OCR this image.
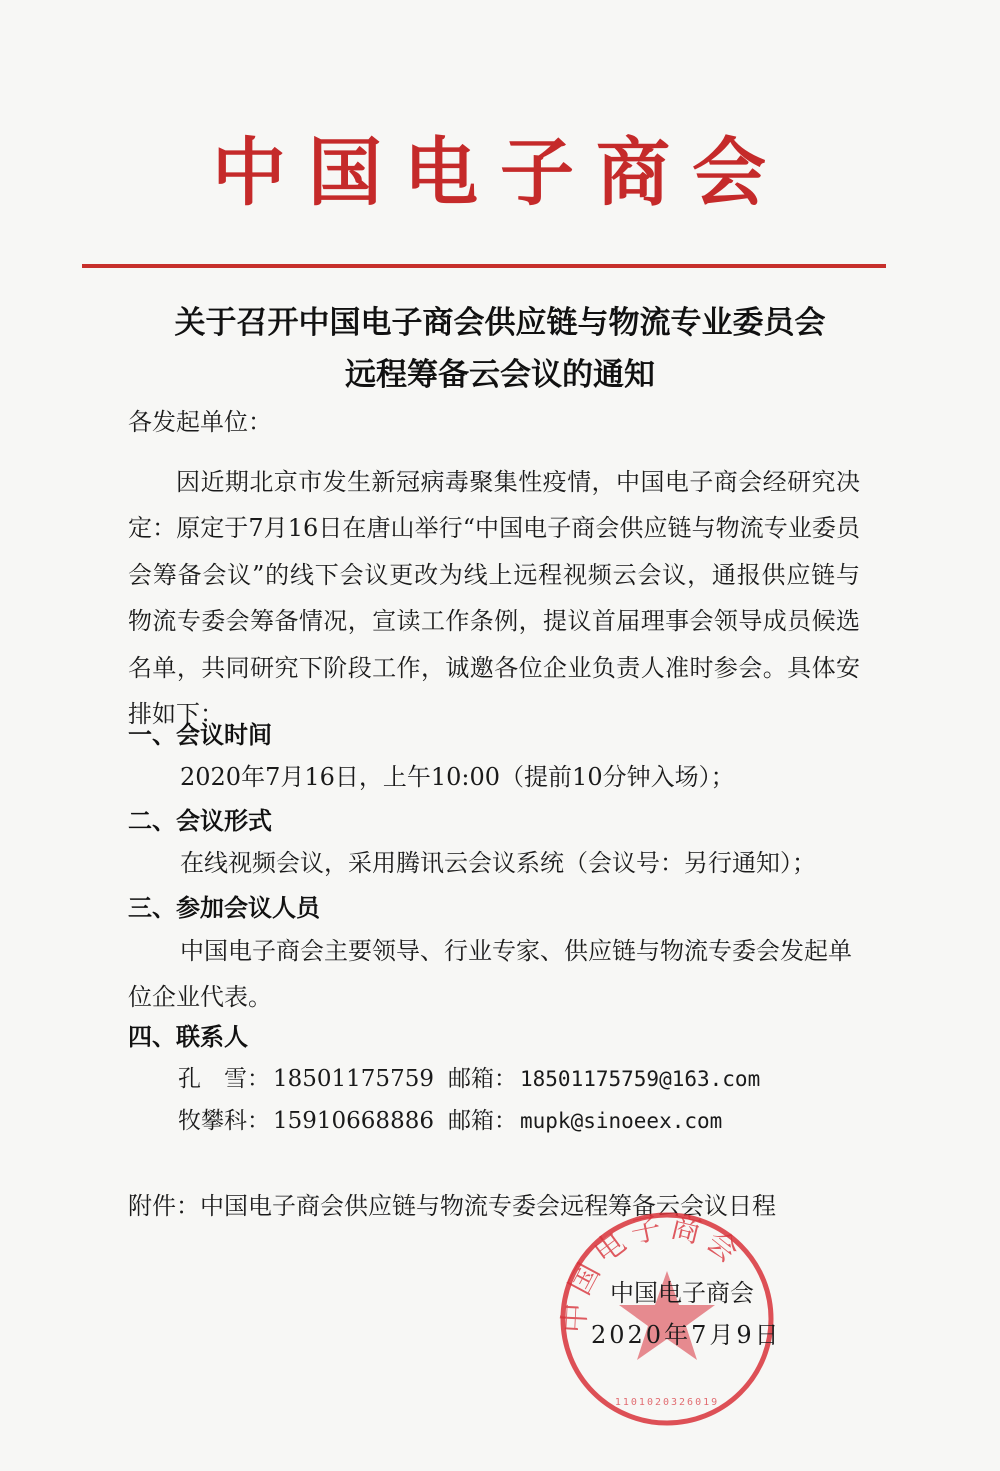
中国电子商会
关于召开中国电子商会供应链与物流专业委员会
远程筹备云会议的通知
各发起单位：
因近期北京市发生新冠病毒聚集性疫情，中国电子商会经研究决定：原定于7月16日在唐山举行“中国电子商会供应链与物流专业委员会筹备会议”的线下会议更改为线上远程视频云会议，通报供应链与物流专委会筹备情况，宣读工作条例，提议首届理事会领导成员候选名单，共同研究下阶段工作，诚邀各位企业负责人准时参会。具体安排如下：
一、会议时间
2020年7月16日，上午10:00（提前10分钟入场）；
二、会议形式
在线视频会议，采用腾讯云会议系统（会议号：另行通知）；
三、参加会议人员
中国电子商会主要领导、行业专家、供应链与物流专委会发起单位企业代表。
四、联系人
孔　雪： 18501175759 邮箱： 18501175759@163.com
牧攀科： 15910668886 邮箱： mupk@sinoeex.com
附件：中国电子商会供应链与物流专委会远程筹备云会议日程
中国电子商会
1101020326019
中国电子商会
2020年7月9日
